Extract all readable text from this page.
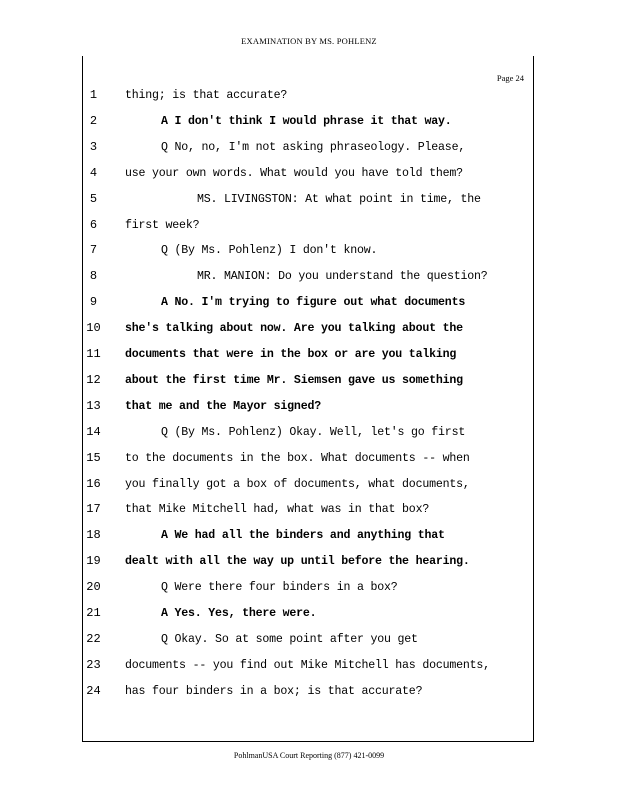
EXAMINATION BY MS. POHLENZ
Page 24
1	thing; is that accurate?
2	A I don't think I would phrase it that way.
3	Q No, no, I'm not asking phraseology. Please,
4	use your own words. What would you have told them?
5	MS. LIVINGSTON: At what point in time, the
6	first week?
7	Q (By Ms. Pohlenz) I don't know.
8	MR. MANION: Do you understand the question?
9	A No. I'm trying to figure out what documents
10	she's talking about now. Are you talking about the
11	documents that were in the box or are you talking
12	about the first time Mr. Siemsen gave us something
13	that me and the Mayor signed?
14	Q (By Ms. Pohlenz) Okay. Well, let's go first
15	to the documents in the box. What documents -- when
16	you finally got a box of documents, what documents,
17	that Mike Mitchell had, what was in that box?
18	A We had all the binders and anything that
19	dealt with all the way up until before the hearing.
20	Q Were there four binders in a box?
21	A Yes. Yes, there were.
22	Q Okay. So at some point after you get
23	documents -- you find out Mike Mitchell has documents,
24	has four binders in a box; is that accurate?
PohlmanUSA Court Reporting (877) 421-0099
